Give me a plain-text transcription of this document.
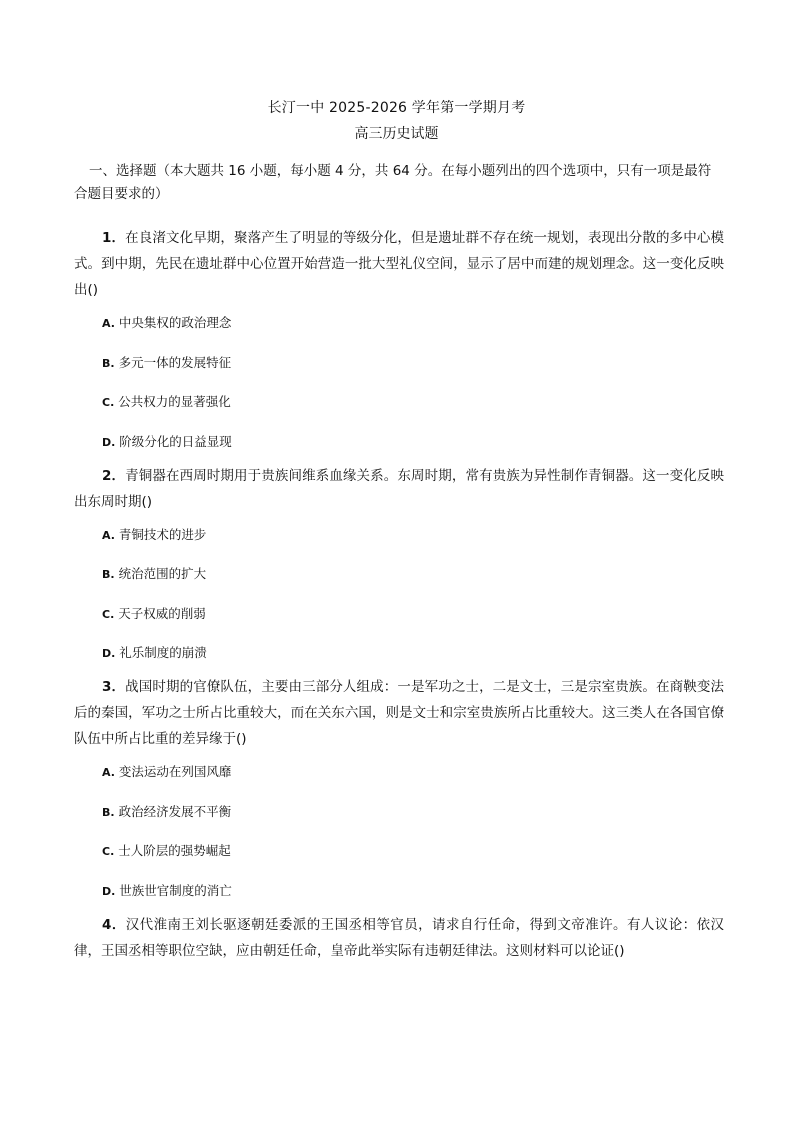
长汀一中 2025-2026 学年第一学期月考
高三历史试题
一、选择题（本大题共 16 小题，每小题 4 分，共 64 分。在每小题列出的四个选项中，只有一项是最符合题目要求的）

1．在良渚文化早期，聚落产生了明显的等级分化，但是遗址群不存在统一规划，表现出分散的多中心模式。到中期，先民在遗址群中心位置开始营造一批大型礼仪空间，显示了居中而建的规划理念。这一变化反映出()

A. 中央集权的政治理念
B. 多元一体的发展特征
C. 公共权力的显著强化
D. 阶级分化的日益显现

2．青铜器在西周时期用于贵族间维系血缘关系。东周时期，常有贵族为异性制作青铜器。这一变化反映出东周时期()

A. 青铜技术的进步
B. 统治范围的扩大
C. 天子权威的削弱
D. 礼乐制度的崩溃

3．战国时期的官僚队伍，主要由三部分人组成：一是军功之士，二是文士，三是宗室贵族。在商鞅变法后的秦国，军功之士所占比重较大，而在关东六国，则是文士和宗室贵族所占比重较大。这三类人在各国官僚队伍中所占比重的差异缘于()

A. 变法运动在列国风靡
B. 政治经济发展不平衡
C. 士人阶层的强势崛起
D. 世族世官制度的消亡

4．汉代淮南王刘长驱逐朝廷委派的王国丞相等官员，请求自行任命，得到文帝准许。有人议论：依汉律，王国丞相等职位空缺，应由朝廷任命，皇帝此举实际有违朝廷律法。这则材料可以论证()
